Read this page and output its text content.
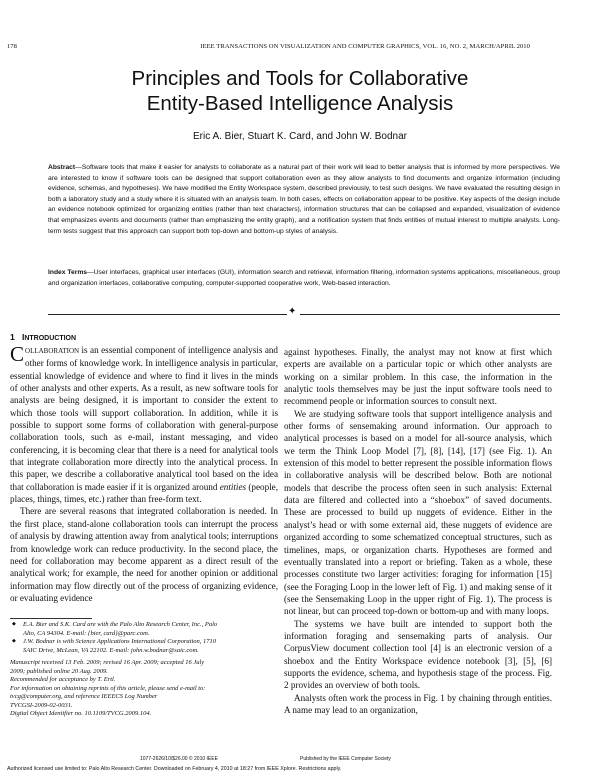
178	IEEE TRANSACTIONS ON VISUALIZATION AND COMPUTER GRAPHICS, VOL. 16, NO. 2, MARCH/APRIL 2010
Principles and Tools for Collaborative
Entity-Based Intelligence Analysis
Eric A. Bier, Stuart K. Card, and John W. Bodnar
Abstract—Software tools that make it easier for analysts to collaborate as a natural part of their work will lead to better analysis that is informed by more perspectives. We are interested to know if software tools can be designed that support collaboration even as they allow analysts to find documents and organize information (including evidence, schemas, and hypotheses). We have modified the Entity Workspace system, described previously, to test such designs. We have evaluated the resulting design in both a laboratory study and a study where it is situated with an analysis team. In both cases, effects on collaboration appear to be positive. Key aspects of the design include an evidence notebook optimized for organizing entities (rather than text characters), information structures that can be collapsed and expanded, visualization of evidence that emphasizes events and documents (rather than emphasizing the entity graph), and a notification system that finds entities of mutual interest to multiple analysts. Long-term tests suggest that this approach can support both top-down and bottom-up styles of analysis.
Index Terms—User interfaces, graphical user interfaces (GUI), information search and retrieval, information filtering, information systems applications, miscellaneous, group and organization interfaces, collaborative computing, computer-supported cooperative work, Web-based interaction.
✦
1 INTRODUCTION

COLLABORATION is an essential component of intelligence analysis and other forms of knowledge work. In intelligence analysis in particular, essential knowledge of evidence and where to find it lives in the minds of other analysts and other experts. As a result, as new software tools for analysts are being designed, it is important to consider the extent to which those tools will support collaboration. In addition, while it is possible to support some forms of collaboration with general-purpose collaboration tools, such as e-mail, instant messaging, and video conferencing, it is becoming clear that there is a need for analytical tools that integrate collaboration more directly into the analytical process. In this paper, we describe a collaborative analytical tool based on the idea that collaboration is made easier if it is organized around entities (people, places, things, times, etc.) rather than free-form text.

There are several reasons that integrated collaboration is needed. In the first place, stand-alone collaboration tools can interrupt the process of analysis by drawing attention away from analytical tools; interruptions from knowledge work can reduce productivity. In the second place, the need for collaboration may become apparent as a direct result of the analytical work; for example, the need for another opinion or additional information may flow directly out of the process of organizing evidence, or evaluating evidence

◆ E.A. Bier and S.K. Card are with the Palo Alto Research Center, Inc., Palo
Alto, CA 94304. E-mail: {bier, card}@parc.com.
◆ J.W. Bodnar is with Science Applications International Corporation, 1710
SAIC Drive, McLean, VA 22102. E-mail: john.w.bodnar@saic.com.
Manuscript received 13 Feb. 2009; revised 16 Apr. 2009; accepted 16 July
2009; published online 20 Aug. 2009.
Recommended for acceptance by T. Ertl.
For information on obtaining reprints of this article, please send e-mail to:
tvcg@computer.org, and reference IEEECS Log Number
TVCGSI-2009-02-0031.
Digital Object Identifier no. 10.1109/TVCG.2009.104.

against hypotheses. Finally, the analyst may not know at first which experts are available on a particular topic or which other analysts are working on a similar problem. In this case, the information in the analytic tools themselves may be just the input software tools need to recommend people or information sources to consult next.

We are studying software tools that support intelligence analysis and other forms of sensemaking around information. Our approach to analytical processes is based on a model for all-source analysis, which we term the Think Loop Model [7], [8], [14], [17] (see Fig. 1). An extension of this model to better represent the possible information flows in collaborative analysis will be described below. Both are notional models that describe the process often seen in such analysis: External data are filtered and collected into a “shoebox” of saved documents. These are processed to build up nuggets of evidence. Either in the analyst’s head or with some external aid, these nuggets of evidence are organized according to some schematized conceptual structures, such as timelines, maps, or organization charts. Hypotheses are formed and eventually translated into a report or briefing. Taken as a whole, these processes constitute two larger activities: foraging for information [15] (see the Foraging Loop in the lower left of Fig. 1) and making sense of it (see the Sensemaking Loop in the upper right of Fig. 1). The process is not linear, but can proceed top-down or bottom-up and with many loops.

The systems we have built are intended to support both the information foraging and sensemaking parts of analysis. Our CorpusView document collection tool [4] is an electronic version of a shoebox and the Entity Workspace evidence notebook [3], [5], [6] supports the evidence, schema, and hypothesis stage of the process. Fig. 2 provides an overview of both tools.

Analysts often work the process in Fig. 1 by chaining through entities. A name may lead to an organization,

1077-2626/10/$26.00 © 2010 IEEE	Published by the IEEE Computer Society
Authorized licensed use limited to: Palo Alto Research Center. Downloaded on February 4, 2010 at 18:27 from IEEE Xplore. Restrictions apply.
